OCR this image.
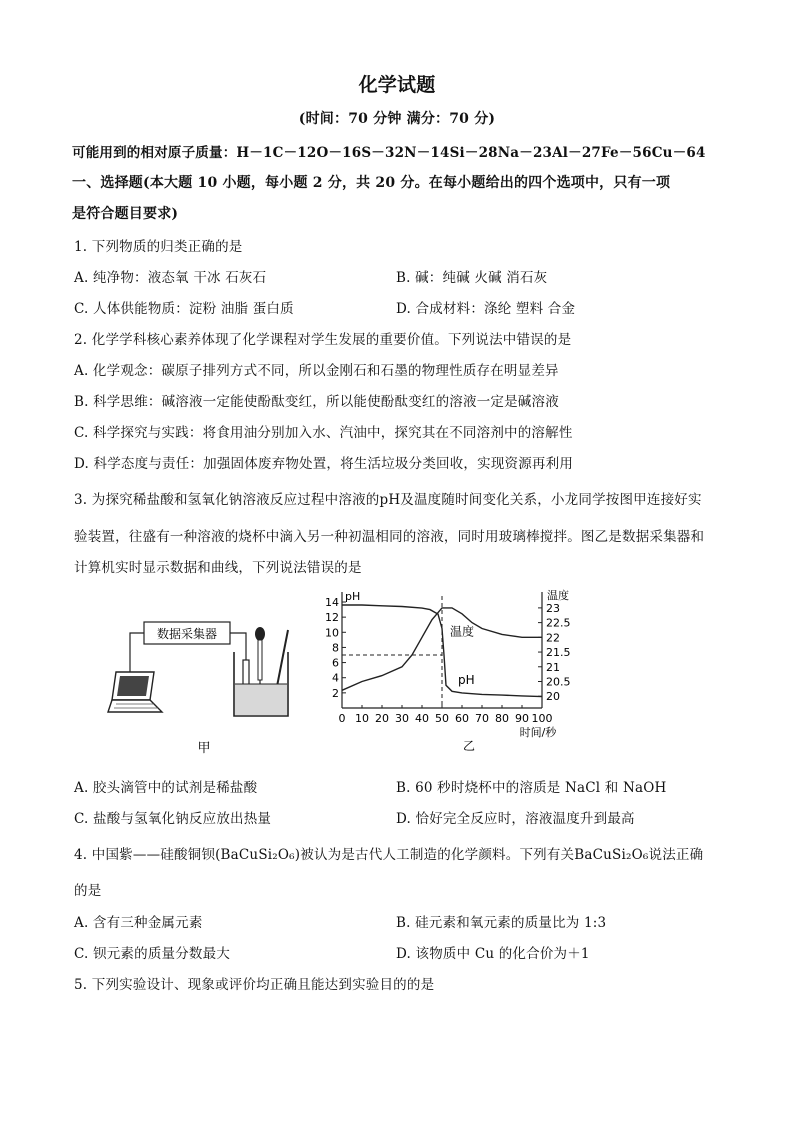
化学试题
(时间：70 分钟 满分：70 分)
可能用到的相对原子质量：H－1C－12O－16S－32N－14Si－28Na－23Al－27Fe－56Cu－64
一、选择题(本大题 10 小题，每小题 2 分，共 20 分。在每小题给出的四个选项中，只有一项
是符合题目要求)
1. 下列物质的归类正确的是
A. 纯净物：液态氧 干冰 石灰石	B. 碱：纯碱 火碱 消石灰
C. 人体供能物质：淀粉 油脂 蛋白质	D. 合成材料：涤纶 塑料 合金
2. 化学学科核心素养体现了化学课程对学生发展的重要价值。下列说法中错误的是
A. 化学观念：碳原子排列方式不同，所以金刚石和石墨的物理性质存在明显差异
B. 科学思维：碱溶液一定能使酚酞变红，所以能使酚酞变红的溶液一定是碱溶液
C. 科学探究与实践：将食用油分别加入水、汽油中，探究其在不同溶剂中的溶解性
D. 科学态度与责任：加强固体废弃物处置，将生活垃圾分类回收，实现资源再利用
3. 为探究稀盐酸和氢氧化钠溶液反应过程中溶液的pH及温度随时间变化关系，小龙同学按图甲连接好实
验装置，往盛有一种溶液的烧杯中滴入另一种初温相同的溶液，同时用玻璃棒搅拌。图乙是数据采集器和
计算机实时显示数据和曲线，下列说法错误的是
数据采集器
甲
pH	温度
2
4
6
8
10
12
14
20
20.5
21
21.5
22
22.5
23
0 10 20 30 40 50 60 70 80 90 100
时间/秒
温度
pH
乙
A. 胶头滴管中的试剂是稀盐酸	B. 60 秒时烧杯中的溶质是 NaCl 和 NaOH
C. 盐酸与氢氧化钠反应放出热量	D. 恰好完全反应时，溶液温度升到最高
4. 中国紫——硅酸铜钡(BaCuSi₂O₆)被认为是古代人工制造的化学颜料。下列有关BaCuSi₂O₆说法正确
的是
A. 含有三种金属元素	B. 硅元素和氧元素的质量比为 1:3
C. 钡元素的质量分数最大	D. 该物质中 Cu 的化合价为＋1
5. 下列实验设计、现象或评价均正确且能达到实验目的的是
